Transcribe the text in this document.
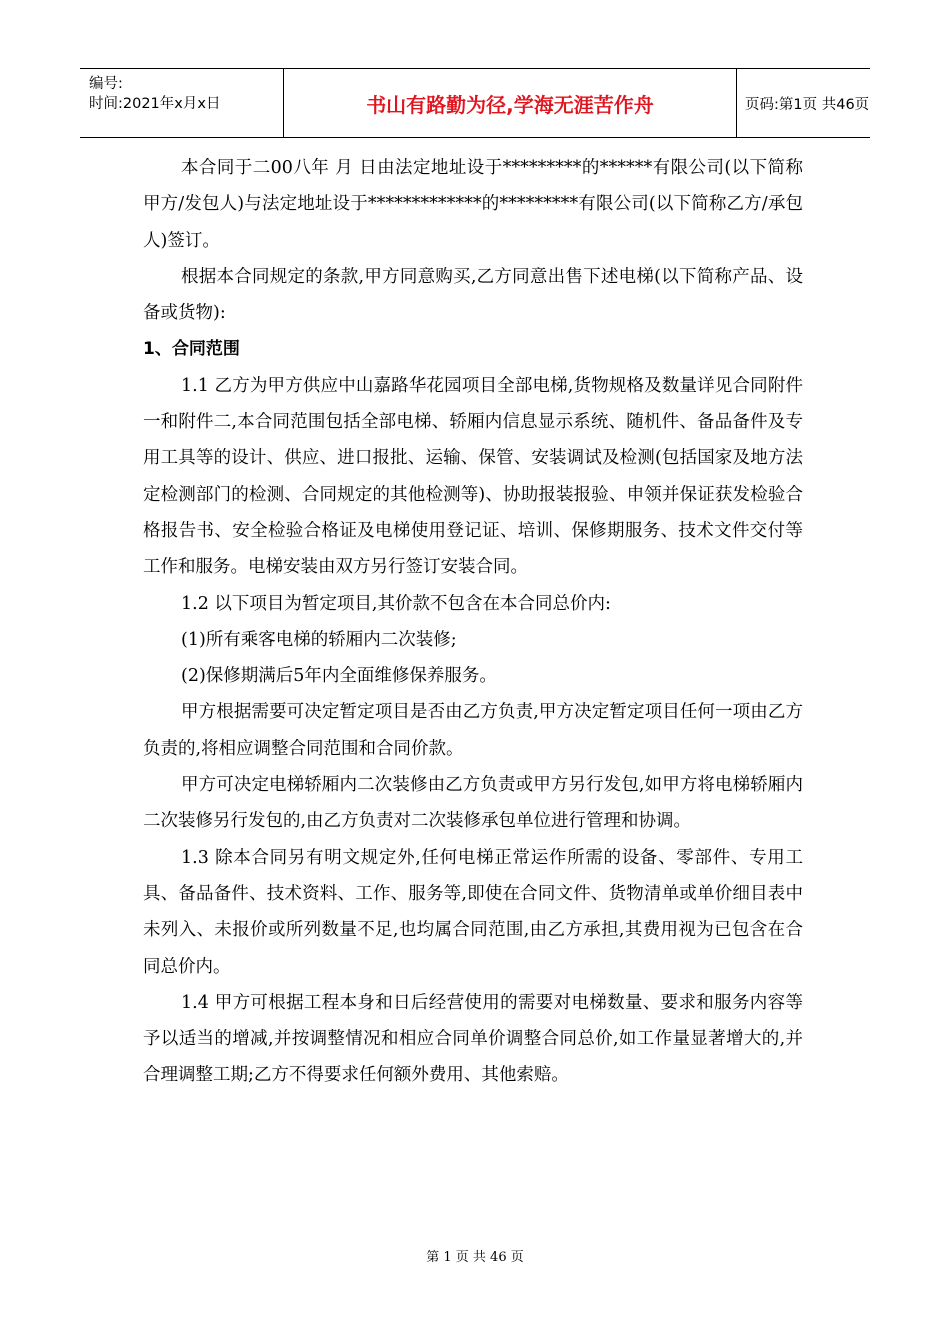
编号:
时间:2021年x月x日	书山有路勤为径,学海无涯苦作舟	页码:第1页 共46页

本合同于二00八年 月 日由法定地址设于*********的******有限公司(以下简称甲方/发包人)与法定地址设于*************的*********有限公司(以下简称乙方/承包人)签订。

根据本合同规定的条款,甲方同意购买,乙方同意出售下述电梯(以下简称产品、设备或货物):

1、合同范围

1.1 乙方为甲方供应中山嘉路华花园项目全部电梯,货物规格及数量详见合同附件一和附件二,本合同范围包括全部电梯、轿厢内信息显示系统、随机件、备品备件及专用工具等的设计、供应、进口报批、运输、保管、安装调试及检测(包括国家及地方法定检测部门的检测、合同规定的其他检测等)、协助报装报验、申领并保证获发检验合格报告书、安全检验合格证及电梯使用登记证、培训、保修期服务、技术文件交付等工作和服务。电梯安装由双方另行签订安装合同。

1.2 以下项目为暂定项目,其价款不包含在本合同总价内:

(1)所有乘客电梯的轿厢内二次装修;

(2)保修期满后5年内全面维修保养服务。

甲方根据需要可决定暂定项目是否由乙方负责,甲方决定暂定项目任何一项由乙方负责的,将相应调整合同范围和合同价款。

甲方可决定电梯轿厢内二次装修由乙方负责或甲方另行发包,如甲方将电梯轿厢内二次装修另行发包的,由乙方负责对二次装修承包单位进行管理和协调。

1.3 除本合同另有明文规定外,任何电梯正常运作所需的设备、零部件、专用工具、备品备件、技术资料、工作、服务等,即使在合同文件、货物清单或单价细目表中未列入、未报价或所列数量不足,也均属合同范围,由乙方承担,其费用视为已包含在合同总价内。

1.4 甲方可根据工程本身和日后经营使用的需要对电梯数量、要求和服务内容等予以适当的增减,并按调整情况和相应合同单价调整合同总价,如工作量显著增大的,并合理调整工期;乙方不得要求任何额外费用、其他索赔。

第 1 页 共 46 页
